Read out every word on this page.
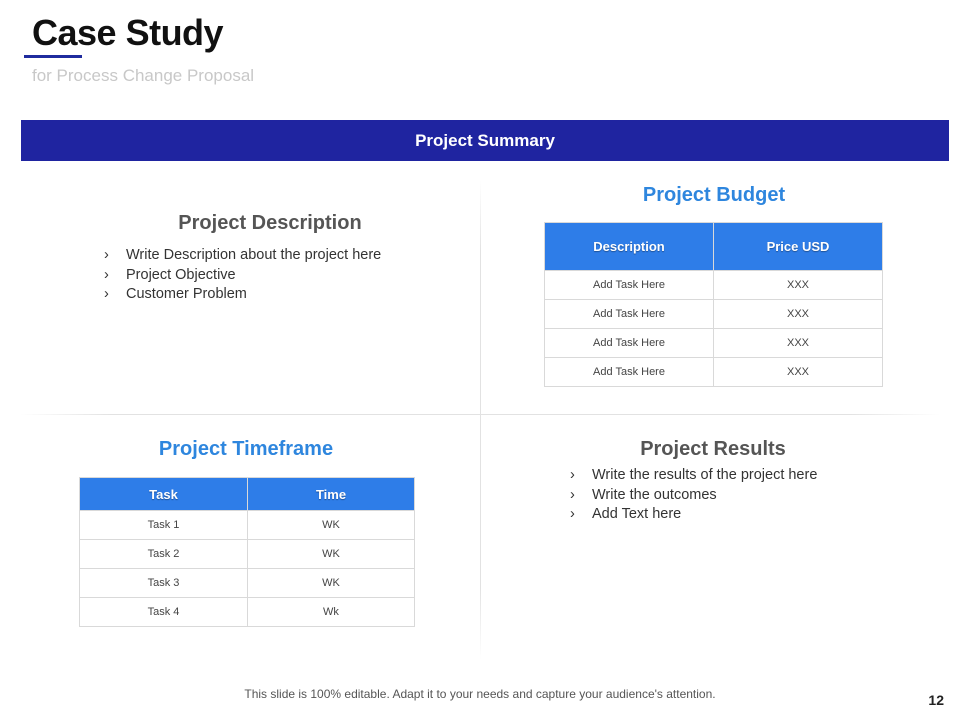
Case Study
for Process Change Proposal
Project Summary
Project Description
›	Write Description about the project here
›	Project Objective
›	Customer Problem
Project Budget
Description	Price USD
Add Task Here	XXX
Add Task Here	XXX
Add Task Here	XXX
Add Task Here	XXX
Project Timeframe
Task	Time
Task 1	WK
Task 2	WK
Task 3	WK
Task 4	Wk
Project Results
›	Write the results of the project here
›	Write the outcomes
›	Add Text here
This slide is 100% editable. Adapt it to your needs and capture your audience's attention.	12
